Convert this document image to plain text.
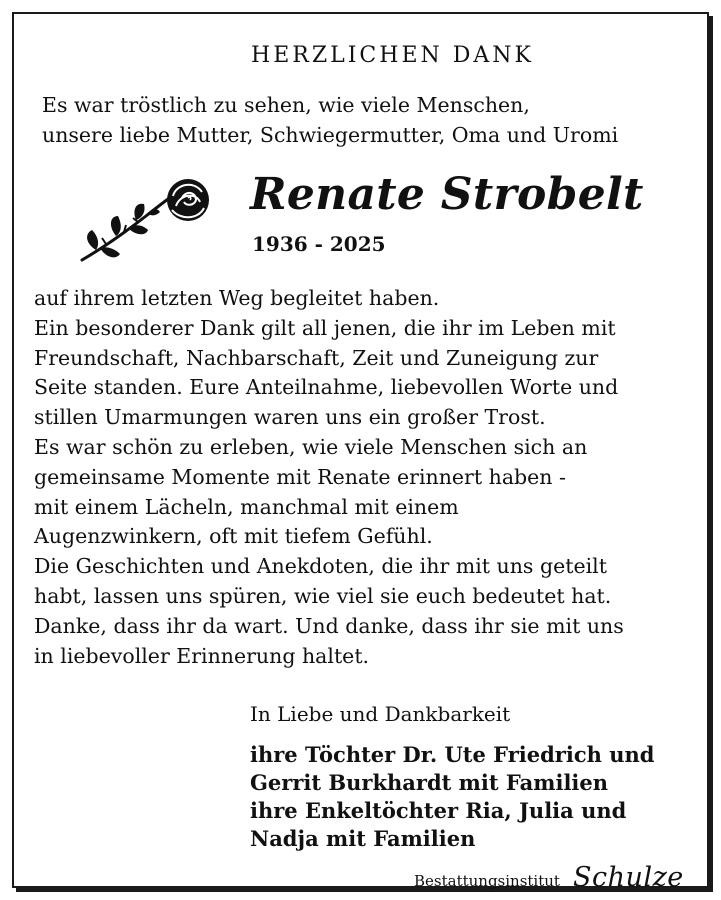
HERZLICHEN DANK
Es war tröstlich zu sehen, wie viele Menschen,
unsere liebe Mutter, Schwiegermutter, Oma und Uromi
Renate Strobelt
1936 - 2025
auf ihrem letzten Weg begleitet haben.
Ein besonderer Dank gilt all jenen, die ihr im Leben mit
Freundschaft, Nachbarschaft, Zeit und Zuneigung zur
Seite standen. Eure Anteilnahme, liebevollen Worte und
stillen Umarmungen waren uns ein großer Trost.
Es war schön zu erleben, wie viele Menschen sich an
gemeinsame Momente mit Renate erinnert haben -
mit einem Lächeln, manchmal mit einem
Augenzwinkern, oft mit tiefem Gefühl.
Die Geschichten und Anekdoten, die ihr mit uns geteilt
habt, lassen uns spüren, wie viel sie euch bedeutet hat.
Danke, dass ihr da wart. Und danke, dass ihr sie mit uns
in liebevoller Erinnerung haltet.
In Liebe und Dankbarkeit
ihre Töchter Dr. Ute Friedrich und
Gerrit Burkhardt mit Familien
ihre Enkeltöchter Ria, Julia und
Nadja mit Familien
Bestattungsinstitut Schulze
